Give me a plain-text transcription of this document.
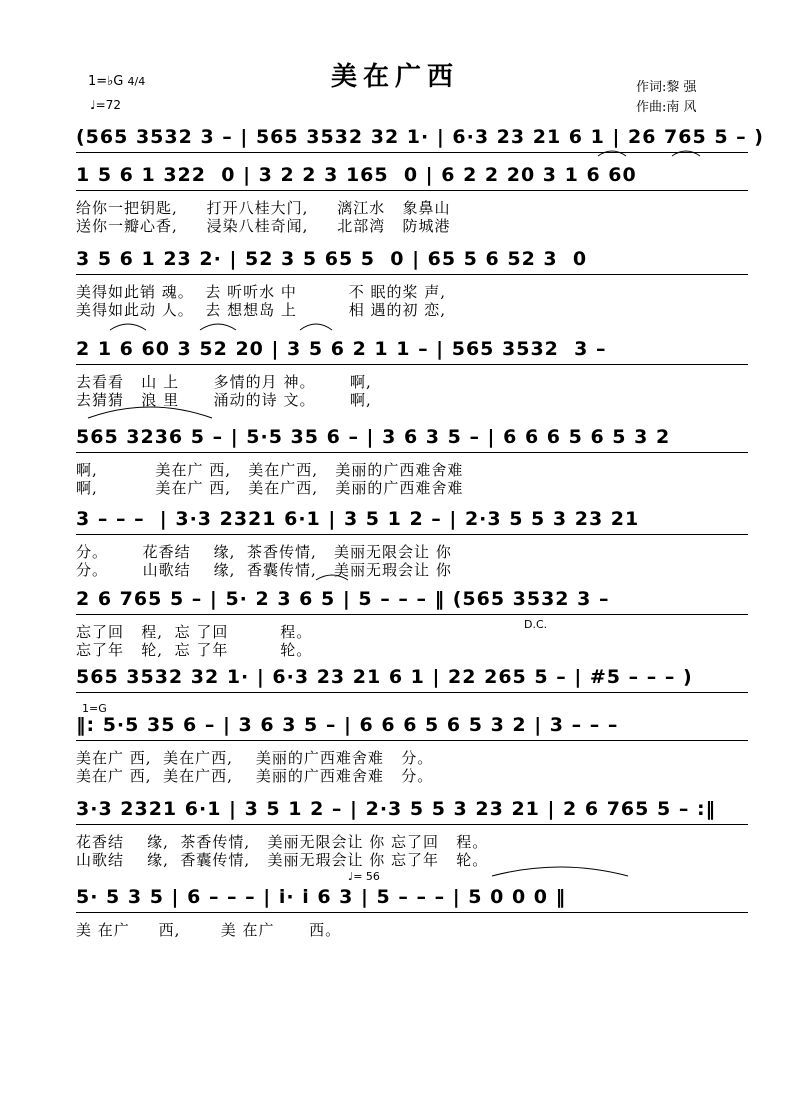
美在广西
1=♭G 4/4
♩=72
作词:黎 强
作曲:南 风
(565 3532 3 – | 565 3532 32 1· | 6·3 23 21 6 1 | 26 765 5 – )
1 5 6 1 322  0 | 3 2 2 3 165  0 | 6 2 2 20 3 1 6 60
给你一把钥匙,     打开八桂大门,     漓江水   象鼻山
送你一瓣心香,     浸染八桂奇闻,     北部湾   防城港
3 5 6 1 23 2· | 52 3 5 65 5  0 | 65 5 6 52 3  0
美得如此销 魂。  去 听听水 中         不 眠的桨 声,
美得如此动 人。  去 想想岛 上         相 遇的初 恋,
2 1 6 60 3 52 20 | 3 5 6 2 1 1 – | 565 3532  3 –
去看看   山 上      多情的月 神。      啊,
去猜猜   浪 里      涌动的诗 文。      啊,
565 3236 5 – | 5·5 35 6 – | 3 6 3 5 – | 6 6 6 5 6 5 3 2
啊,          美在广 西,   美在广西,   美丽的广西难舍难
啊,          美在广 西,   美在广西,   美丽的广西难舍难
3 – – –  | 3·3 2321 6·1 | 3 5 1 2 – | 2·3 5 5 3 23 21
分。      花香结    缘,  茶香传情,   美丽无限会让 你
分。      山歌结    缘,  香囊传情,   美丽无瑕会让 你
2 6 765 5 – | 5· 2 3 6 5 | 5 – – – ‖ (565 3532 3 –
忘了回   程,  忘 了回         程。
忘了年   轮,  忘 了年         轮。
D.C.
565 3532 32 1· | 6·3 23 21 6 1 | 22 265 5 – | #5 – – – )
1=G
‖: 5·5 35 6 – | 3 6 3 5 – | 6 6 6 5 6 5 3 2 | 3 – – –
美在广 西,  美在广西,    美丽的广西难舍难   分。
美在广 西,  美在广西,    美丽的广西难舍难   分。
3·3 2321 6·1 | 3 5 1 2 – | 2·3 5 5 3 23 21 | 2 6 765 5 – :‖
花香结    缘,  茶香传情,   美丽无限会让 你 忘了回   程。
山歌结    缘,  香囊传情,   美丽无瑕会让 你 忘了年   轮。
♩= 56
5· 5 3 5 | 6 – – – | i· i 6 3 | 5 – – – | 5 0 0 0 ‖
美 在广     西,       美 在广      西。
